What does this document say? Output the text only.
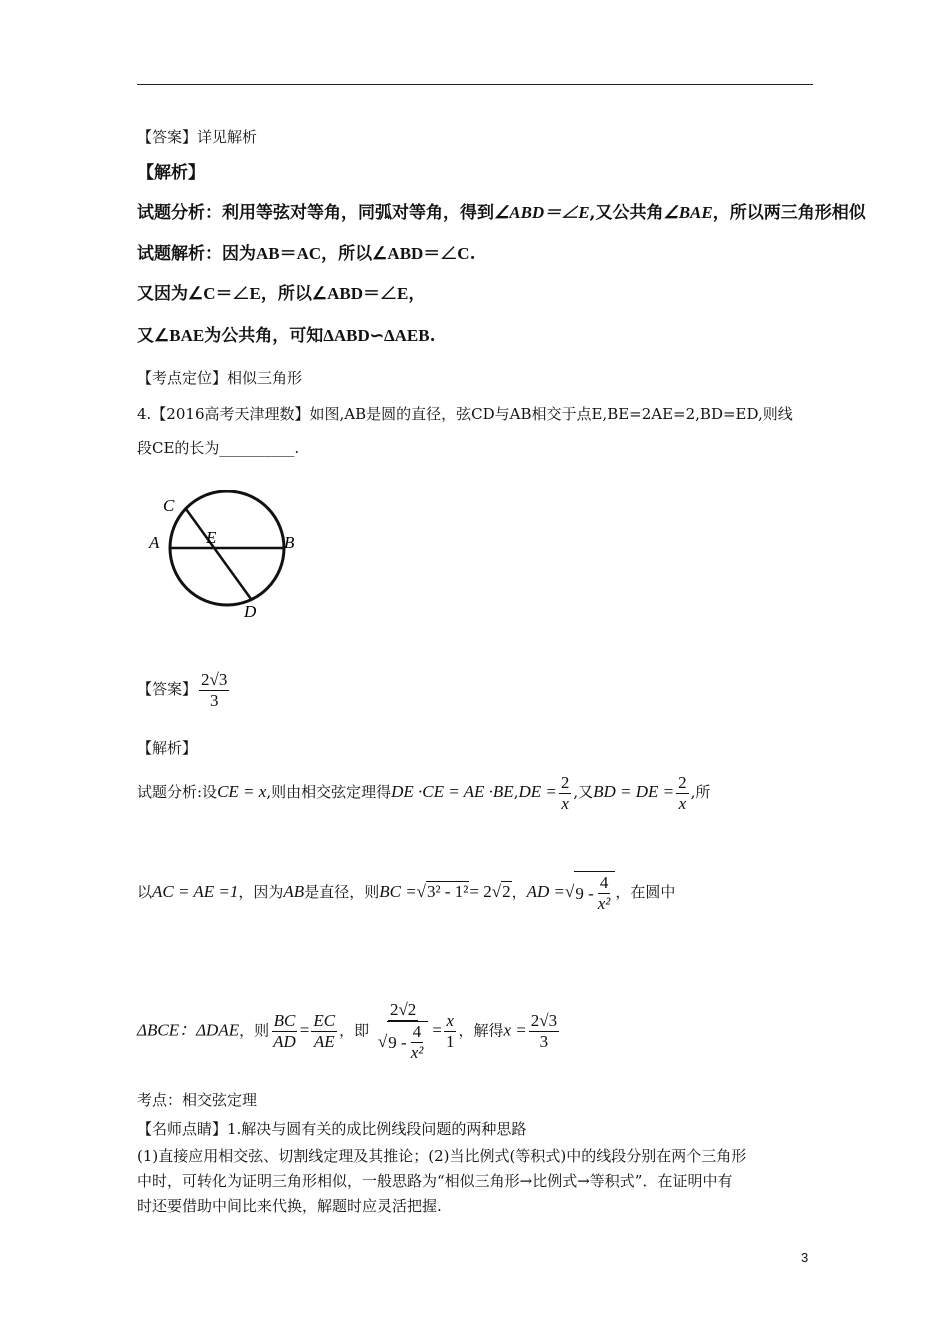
【答案】详见解析
【解析】
试题分析：利用等弦对等角，同弧对等角，得到∠ABD＝∠E,又公共角∠BAE，所以两三角形相似
试题解析：因为AB＝AC，所以∠ABD＝∠C.
又因为∠C＝∠E，所以∠ABD＝∠E，
又∠BAE为公共角，可知ΔABD∽ΔAEB.
【考点定位】相似三角形
4.【2016高考天津理数】如图,AB是圆的直径，弦CD与AB相交于点E,BE=2AE=2,BD=ED,则线
段CE的长为__________.
C
A	E	B
D
【答案】 $\frac{2√3}{3}$
【解析】
试题分析:设CE = x,则由相交弦定理得DE ·CE = AE $\cdot BE,DE = \frac{2}{x}$ ,又BD = DE = $\frac{2}{x}$ ,所
以AC = AE =1，因为AB是直径，则BC =√3² - 1²= 2√2，AD =√ $9 - \frac{4}{\text{x²}}$ ，在圆中
ΔBCE：ΔDAE，则 $\frac{BC}{AD} = \frac{EC}{AE}$ ，即 $\frac{2√2}{√ 9 - \frac{4}{\text{x²}}} = \frac{x}{1}$ ，解得$x = \frac{2√3}{3}$
考点：相交弦定理
【名师点睛】1.解决与圆有关的成比例线段问题的两种思路
(1)直接应用相交弦、切割线定理及其推论；(2)当比例式(等积式)中的线段分别在两个三角形
中时，可转化为证明三角形相似，一般思路为“相似三角形→比例式→等积式”．在证明中有
时还要借助中间比来代换，解题时应灵活把握.
3
